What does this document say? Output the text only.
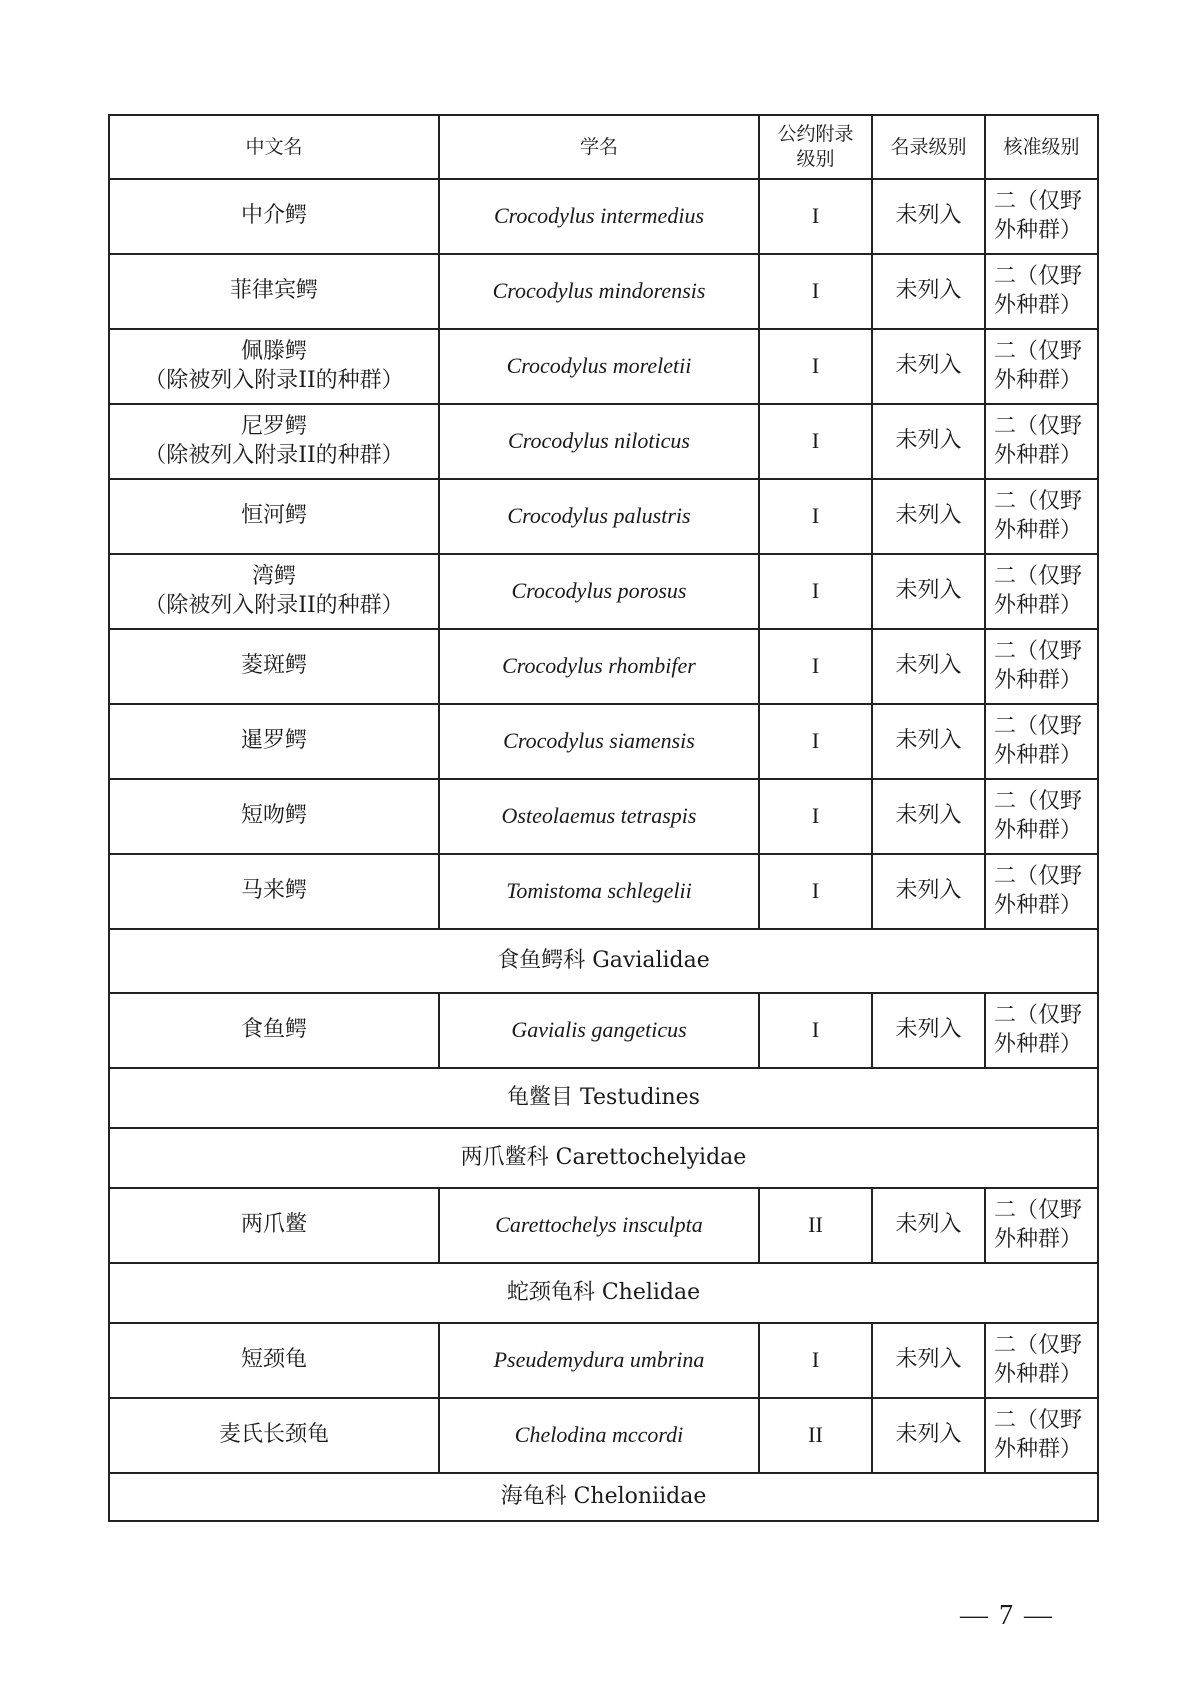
中文名	学名	公约附录级别	名录级别	核准级别

中介鳄	Crocodylus intermedius	I	未列入	二（仅野外种群）

菲律宾鳄	Crocodylus mindorensis	I	未列入	二（仅野外种群）

佩滕鳄
（除被列入附录II的种群）	Crocodylus moreletii	I	未列入	二（仅野外种群）

尼罗鳄
（除被列入附录II的种群）	Crocodylus niloticus	I	未列入	二（仅野外种群）

恒河鳄	Crocodylus palustris	I	未列入	二（仅野外种群）

湾鳄
（除被列入附录II的种群）	Crocodylus porosus	I	未列入	二（仅野外种群）

菱斑鳄	Crocodylus rhombifer	I	未列入	二（仅野外种群）

暹罗鳄	Crocodylus siamensis	I	未列入	二（仅野外种群）

短吻鳄	Osteolaemus tetraspis	I	未列入	二（仅野外种群）

马来鳄	Tomistoma schlegelii	I	未列入	二（仅野外种群）
食鱼鳄科 Gavialidae				

食鱼鳄	Gavialis gangeticus	I	未列入	二（仅野外种群）
龟鳖目 Testudines				
两爪鳖科 Carettochelyidae				

两爪鳖	Carettochelys insculpta	II	未列入	二（仅野外种群）
蛇颈龟科 Chelidae				

短颈龟	Pseudemydura umbrina	I	未列入	二（仅野外种群）

麦氏长颈龟	Chelodina mccordi	II	未列入	二（仅野外种群）
海龟科 Cheloniidae				
— 7 —
